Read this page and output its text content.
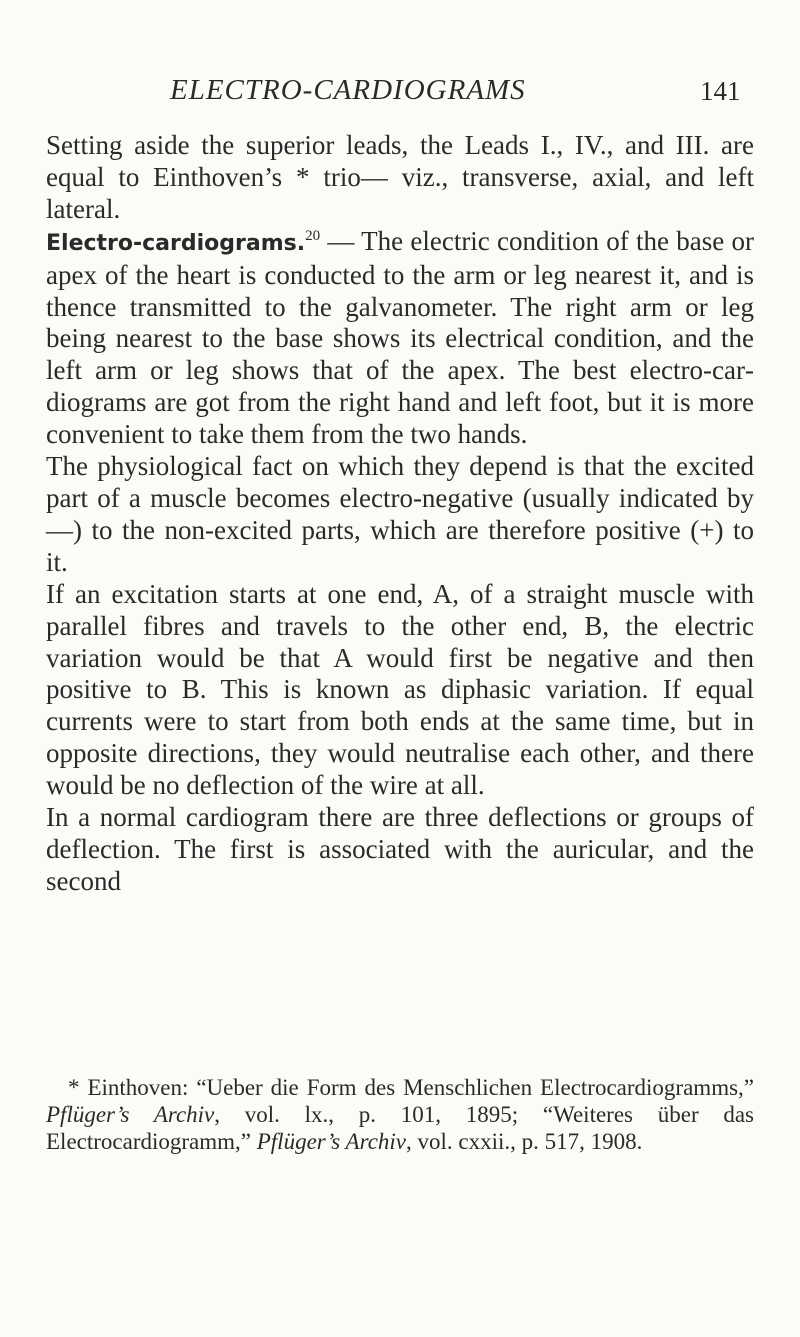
ELECTRO-CARDIOGRAMS	141

Setting aside the superior leads, the Leads I., IV., and III. are equal to Einthoven’s * trio— viz., transverse, axial, and left lateral.

Electro-cardiograms.$^{20}$ — The electric condition of the base or apex of the heart is conducted to the arm or leg nearest it, and is thence transmitted to the galvanometer. The right arm or leg being nearest to the base shows its electrical condition, and the left arm or leg shows that of the apex. The best electro-cardiograms are got from the right hand and left foot, but it is more convenient to take them from the two hands.

The physiological fact on which they depend is that the excited part of a muscle becomes electro-negative (usually indicated by —) to the non-excited parts, which are therefore positive (+) to it.

If an excitation starts at one end, A, of a straight muscle with parallel fibres and travels to the other end, B, the electric variation would be that A would first be negative and then positive to B. This is known as diphasic variation. If equal currents were to start from both ends at the same time, but in opposite directions, they would neutralise each other, and there would be no deflection of the wire at all.

In a normal cardiogram there are three deflections or groups of deflection. The first is associated with the auricular, and the second

* Einthoven: “Ueber die Form des Menschlichen Electrocardiogramms,” Pflüger’s Archiv, vol. lx., p. 101, 1895; “Weiteres über das Electrocardiogramm,” Pflüger’s Archiv, vol. cxxii., p. 517, 1908.
